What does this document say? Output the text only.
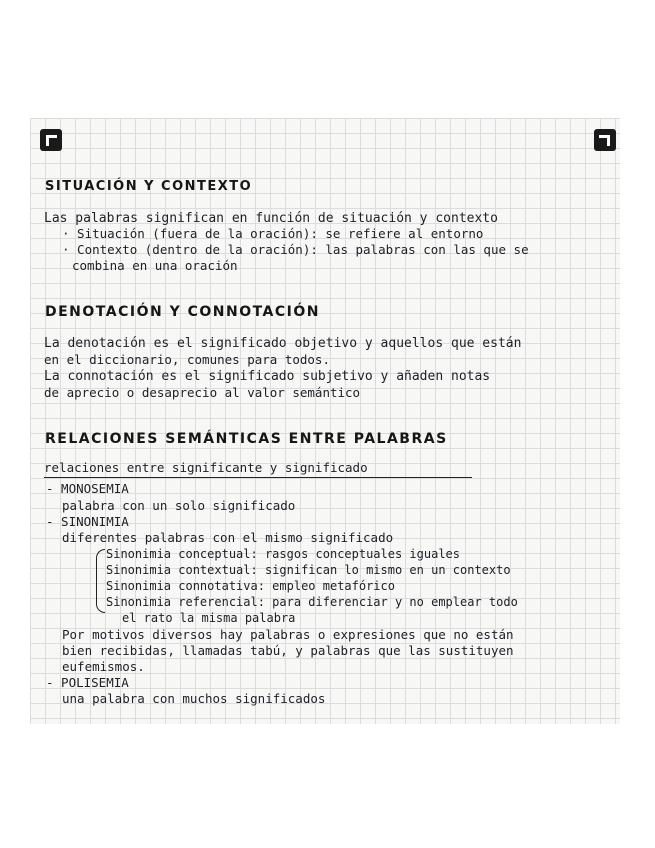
SITUACIÓN Y CONTEXTO
Las palabras significan en función de situación y contexto
· Situación (fuera de la oración): se refiere al entorno
· Contexto (dentro de la oración): las palabras con las que se
combina en una oración
DENOTACIÓN Y CONNOTACIÓN
La denotación es el significado objetivo y aquellos que están
en el diccionario, comunes para todos.
La connotación es el significado subjetivo y añaden notas
de aprecio o desaprecio al valor semántico
RELACIONES SEMÁNTICAS ENTRE PALABRAS
relaciones entre significante y significado
- MONOSEMIA
palabra con un solo significado
- SINONIMIA
diferentes palabras con el mismo significado
Sinonimia conceptual: rasgos conceptuales iguales
Sinonimia contextual: significan lo mismo en un contexto
Sinonimia connotativa: empleo metafórico
Sinonimia referencial: para diferenciar y no emplear todo
el rato la misma palabra
Por motivos diversos hay palabras o expresiones que no están
bien recibidas, llamadas tabú, y palabras que las sustituyen
eufemismos.
- POLISEMIA
una palabra con muchos significados
